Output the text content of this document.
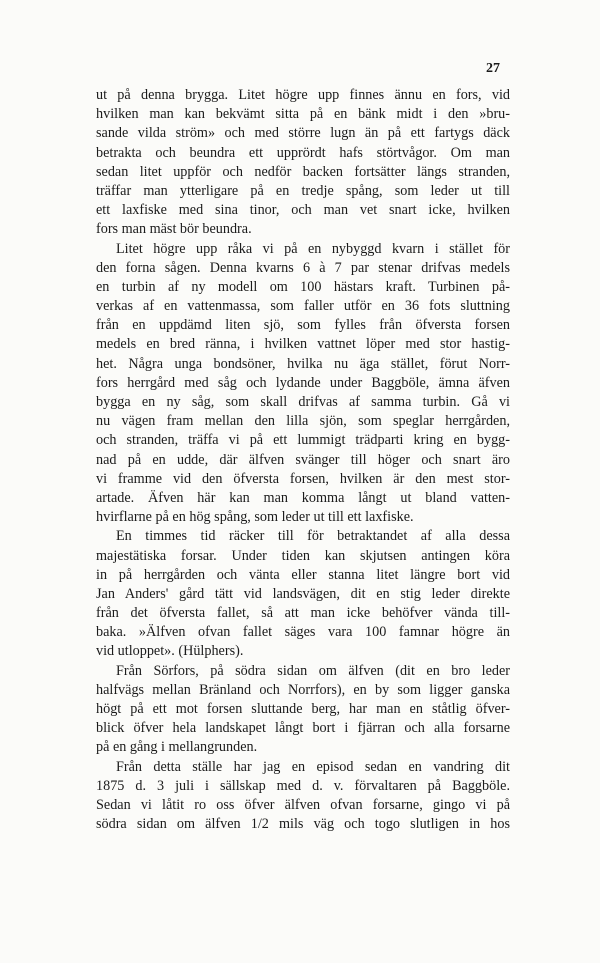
27
ut på denna brygga. Litet högre upp finnes ännu en fors, vid
hvilken man kan bekvämt sitta på en bänk midt i den »bru-
sande vilda ström» och med större lugn än på ett fartygs däck
betrakta och beundra ett upprördt hafs störtvågor. Om man
sedan litet uppför och nedför backen fortsätter längs stranden,
träffar man ytterligare på en tredje spång, som leder ut till
ett laxfiske med sina tinor, och man vet snart icke, hvilken
fors man mäst bör beundra.
Litet högre upp råka vi på en nybyggd kvarn i stället för
den forna sågen. Denna kvarns 6 à 7 par stenar drifvas medels
en turbin af ny modell om 100 hästars kraft. Turbinen på-
verkas af en vattenmassa, som faller utför en 36 fots sluttning
från en uppdämd liten sjö, som fylles från öfversta forsen
medels en bred ränna, i hvilken vattnet löper med stor hastig-
het. Några unga bondsöner, hvilka nu äga stället, förut Norr-
fors herrgård med såg och lydande under Baggböle, ämna äfven
bygga en ny såg, som skall drifvas af samma turbin. Gå vi
nu vägen fram mellan den lilla sjön, som speglar herrgården,
och stranden, träffa vi på ett lummigt trädparti kring en bygg-
nad på en udde, där älfven svänger till höger och snart äro
vi framme vid den öfversta forsen, hvilken är den mest stor-
artade. Äfven här kan man komma långt ut bland vatten-
hvirflarne på en hög spång, som leder ut till ett laxfiske.
En timmes tid räcker till för betraktandet af alla dessa
majestätiska forsar. Under tiden kan skjutsen antingen köra
in på herrgården och vänta eller stanna litet längre bort vid
Jan Anders' gård tätt vid landsvägen, dit en stig leder direkte
från det öfversta fallet, så att man icke behöfver vända till-
baka. »Älfven ofvan fallet säges vara 100 famnar högre än
vid utloppet». (Hülphers).
Från Sörfors, på södra sidan om älfven (dit en bro leder
halfvägs mellan Bränland och Norrfors), en by som ligger ganska
högt på ett mot forsen sluttande berg, har man en ståtlig öfver-
blick öfver hela landskapet långt bort i fjärran och alla forsarne
på en gång i mellangrunden.
Från detta ställe har jag en episod sedan en vandring dit
1875 d. 3 juli i sällskap med d. v. förvaltaren på Baggböle.
Sedan vi låtit ro oss öfver älfven ofvan forsarne, gingo vi på
södra sidan om älfven 1/2 mils väg och togo slutligen in hos
